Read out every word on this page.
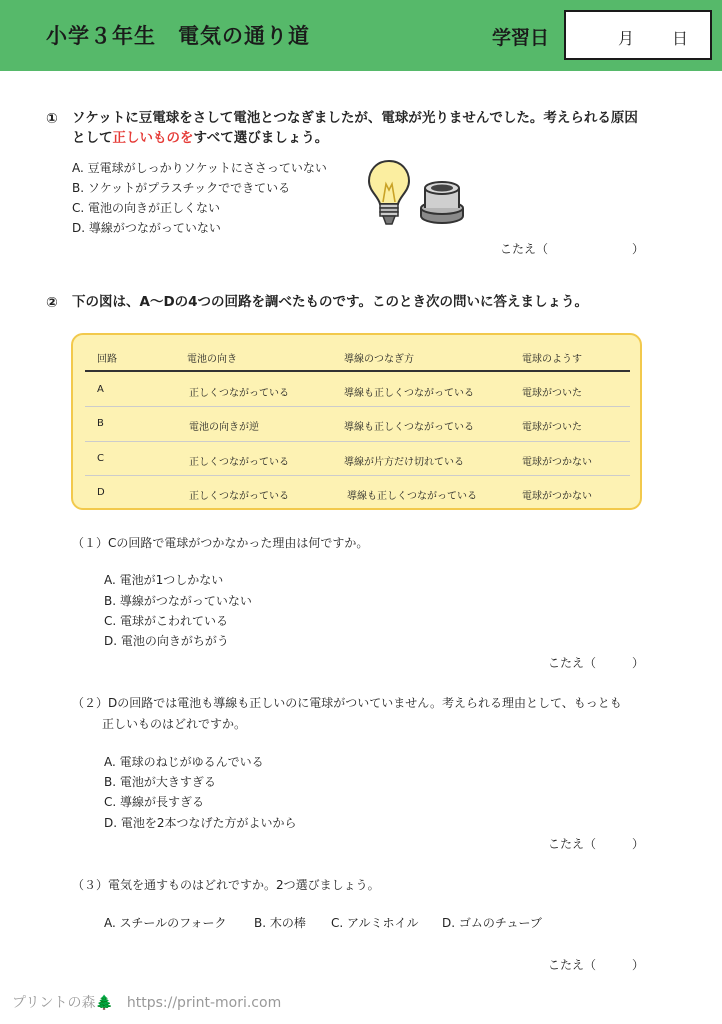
小学３年生　電気の通り道	学習日	月 日
① ソケットに豆電球をさして電池とつなぎましたが、電球が光りませんでした。考えられる原因
として正しいものをすべて選びましょう。
A. 豆電球がしっかりソケットにささっていない
B. ソケットがプラスチックでできている
C. 電池の向きが正しくない
D. 導線がつながっていない
こたえ（　　　　　　　）
② 下の図は、A〜Dの4つの回路を調べたものです。このとき次の問いに答えましょう。
回路	電池の向き	導線のつなぎ方	電球のようす
A	正しくつながっている	導線も正しくつながっている	電球がついた
B	電池の向きが逆	導線も正しくつながっている	電球がついた
C	正しくつながっている	導線が片方だけ切れている	電球がつかない
D	正しくつながっている	導線も正しくつながっている	電球がつかない
（１）Cの回路で電球がつかなかった理由は何ですか。
A. 電池が1つしかない
B. 導線がつながっていない
C. 電球がこわれている
D. 電池の向きがちがう
こたえ（　　　）
（２）Dの回路では電池も導線も正しいのに電球がついていません。考えられる理由として、もっとも
正しいものはどれですか。
A. 電球のねじがゆるんでいる
B. 電池が大きすぎる
C. 導線が長すぎる
D. 電池を2本つなげた方がよいから
こたえ（　　　）
（３）電気を通すものはどれですか。2つ選びましょう。
A. スチールのフォーク B. 木の棒 C. アルミホイル D. ゴムのチューブ
こたえ（　　　）
プリントの森🌲 https://print-mori.com
